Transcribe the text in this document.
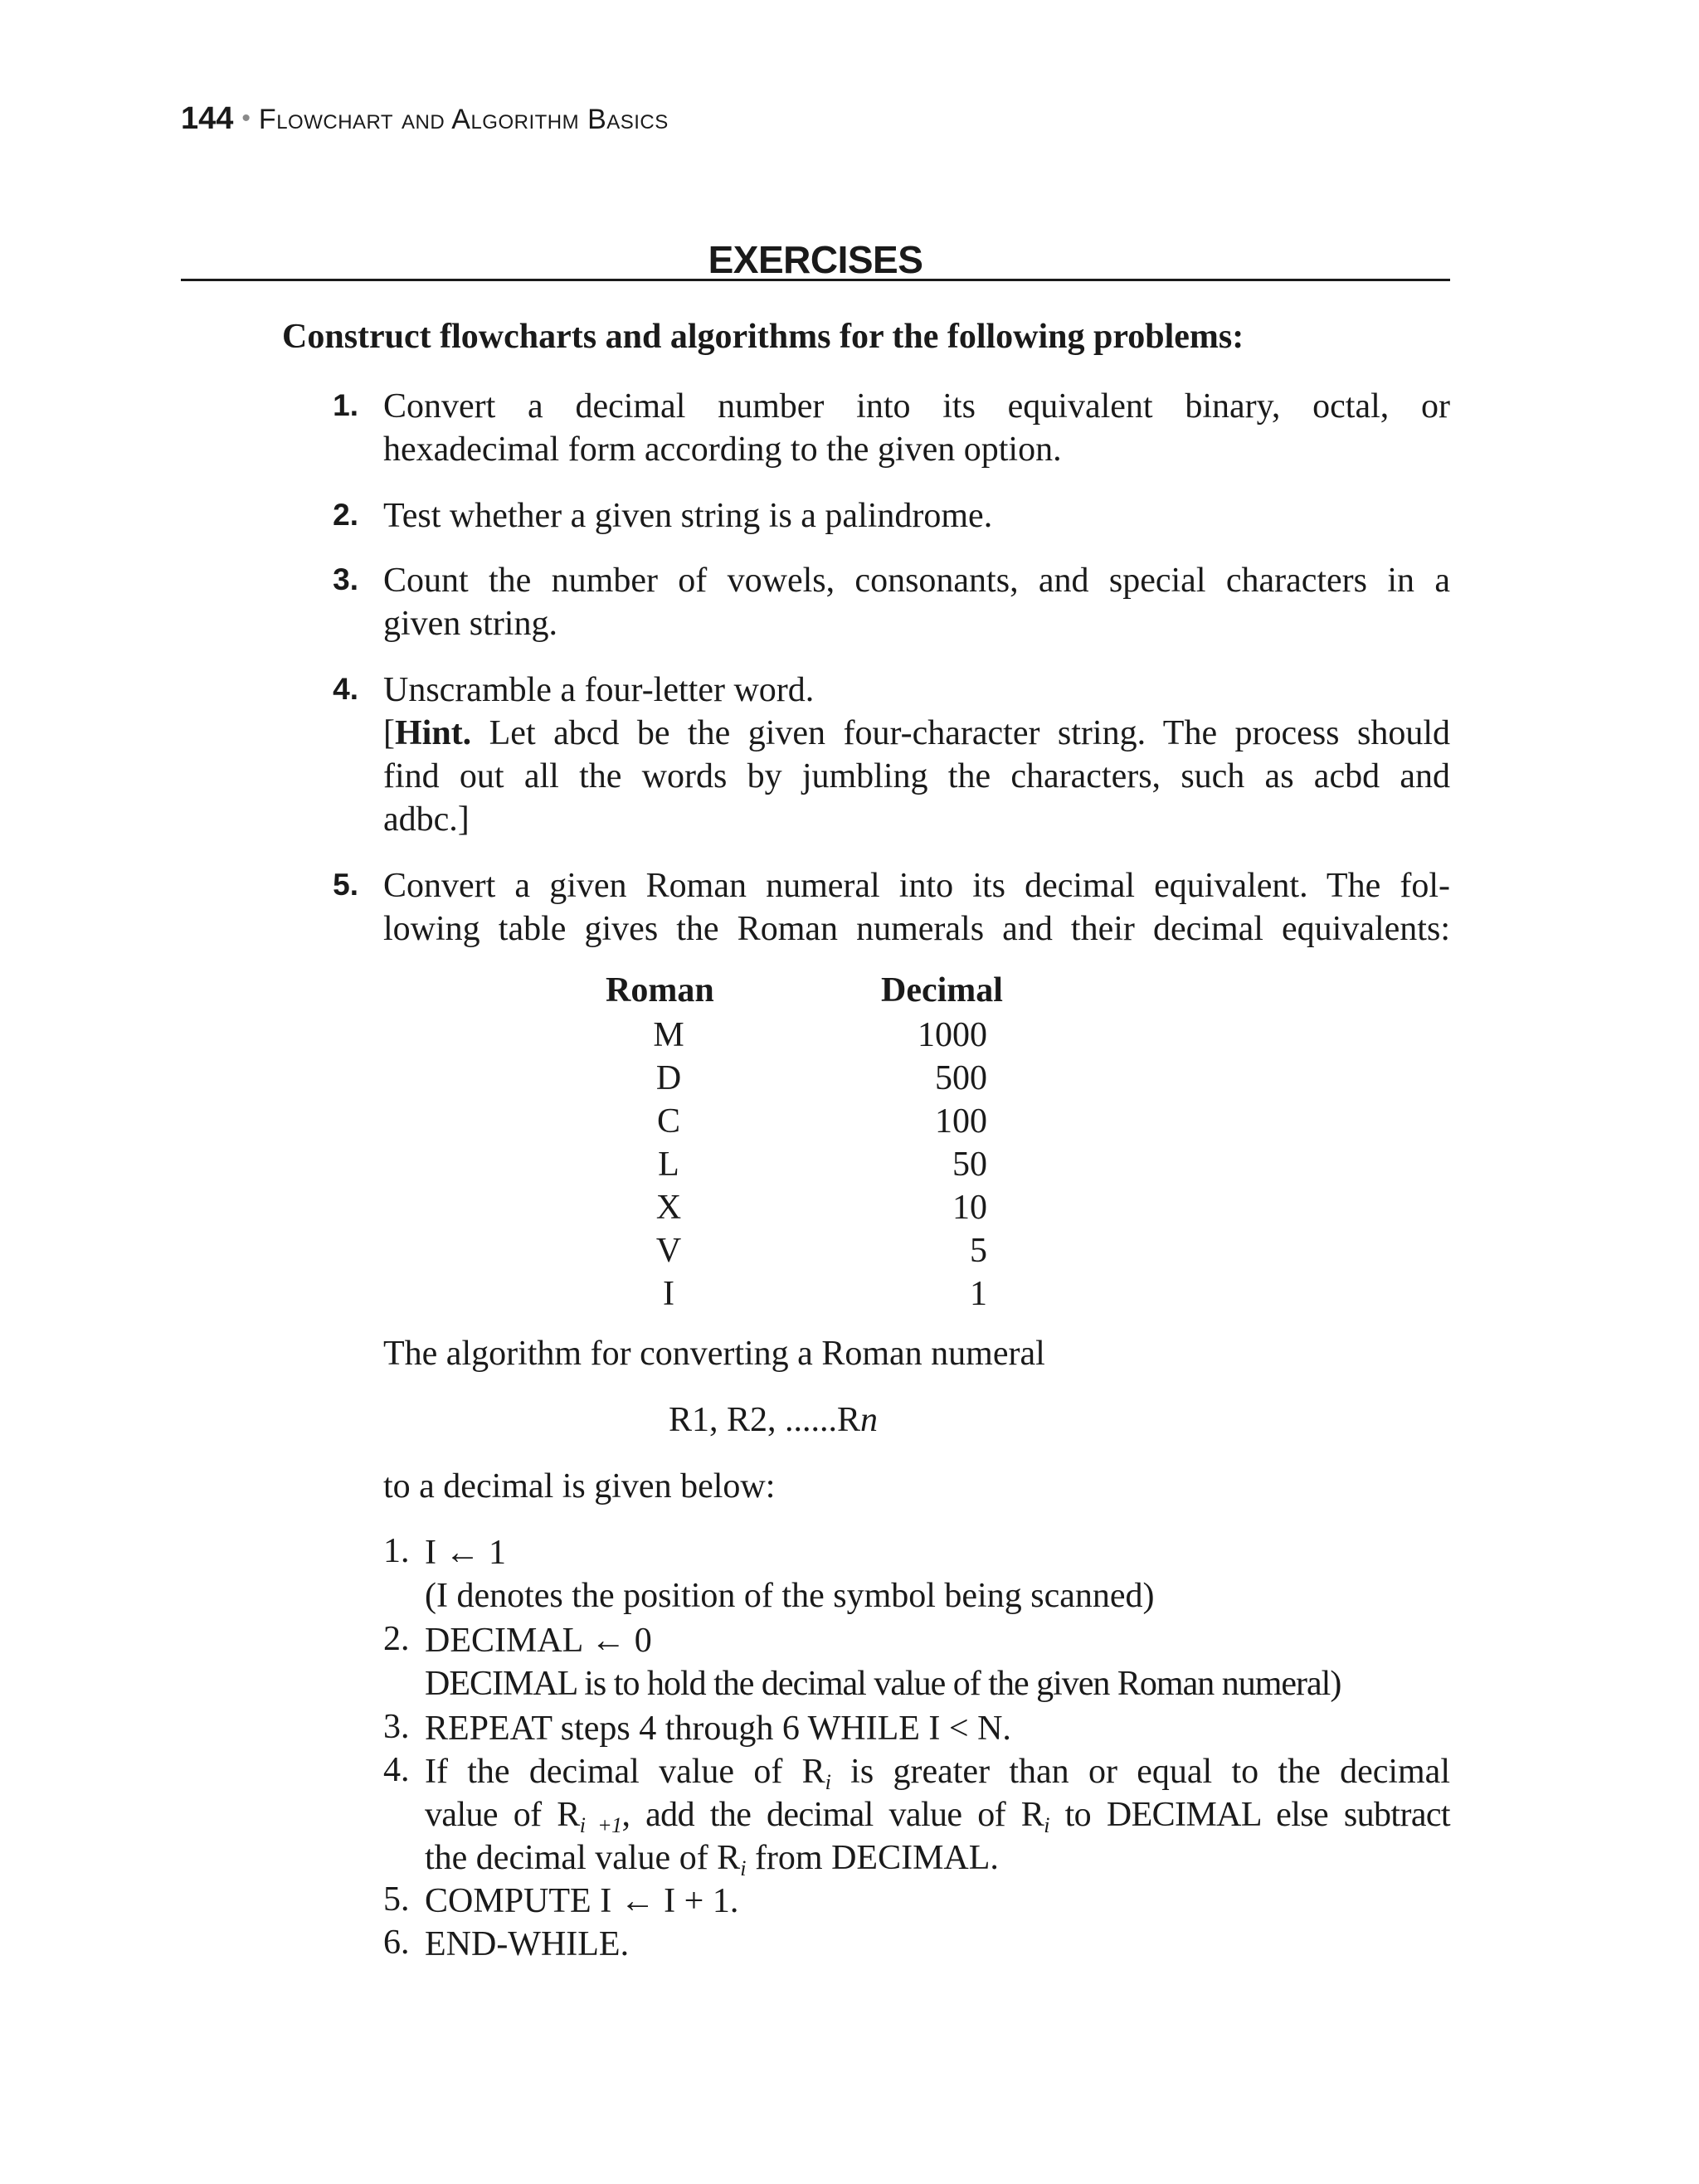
144 • Flowchart and Algorithm Basics
EXERCISES
Construct flowcharts and algorithms for the following problems:
1. Convert a decimal number into its equivalent binary, octal, or
hexadecimal form according to the given option.
2. Test whether a given string is a palindrome.
3. Count the number of vowels, consonants, and special characters in a
given string.
4. Unscramble a four-letter word.
[Hint. Let abcd be the given four-character string. The process should
find out all the words by jumbling the characters, such as acbd and
adbc.]
5. Convert a given Roman numeral into its decimal equivalent. The fol-
lowing table gives the Roman numerals and their decimal equivalents:
Roman	Decimal
M	1000
D	500
C	100
L	50
X	10
V	5
I	1
The algorithm for converting a Roman numeral
R1, R2, ......Rn
to a decimal is given below:
1. I ← 1
(I denotes the position of the symbol being scanned)
2. DECIMAL ← 0
DECIMAL is to hold the decimal value of the given Roman numeral)
3. REPEAT steps 4 through 6 WHILE I < N.
4. If the decimal value of $R_i$ is greater than or equal to the decimal
value of $R_{i +1}$, add the decimal value of $R_i$ to DECIMAL else subtract
the decimal value of $R_i$ from DECIMAL.
5. COMPUTE I ← I + 1.
6. END-WHILE.
